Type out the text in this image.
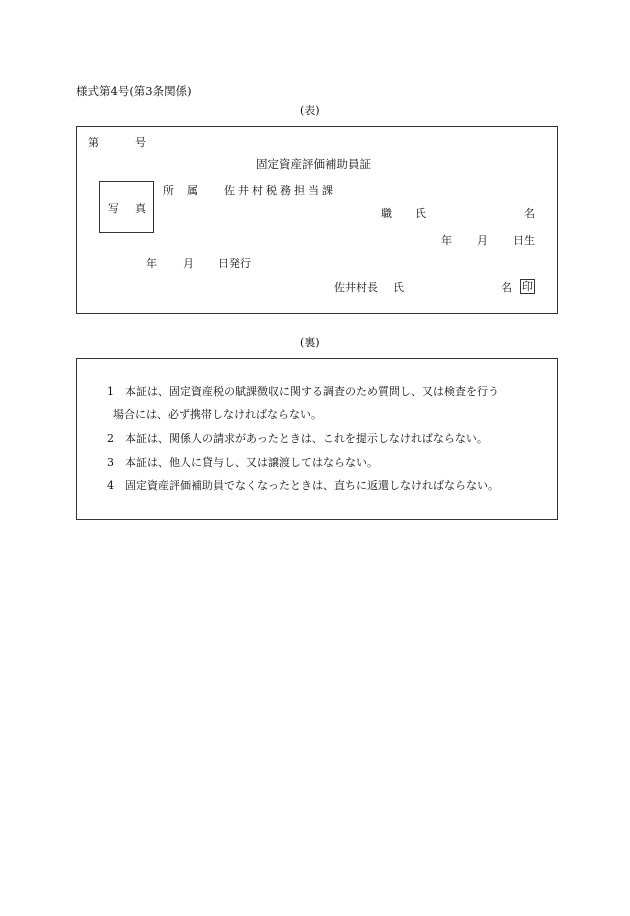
様式第4号(第3条関係)
(表)
第	号
固定資産評価補助員証
写 真
所 属 佐井村税務担当課
職 氏	名
年 月 日生
年 月 日発行
佐井村長 氏	名 印
(裏)
1 本証は、固定資産税の賦課徴収に関する調査のため質問し、又は検査を行う
場合には、必ず携帯しなければならない。
2 本証は、関係人の請求があったときは、これを提示しなければならない。
3 本証は、他人に貸与し、又は譲渡してはならない。
4 固定資産評価補助員でなくなったときは、直ちに返還しなければならない。
